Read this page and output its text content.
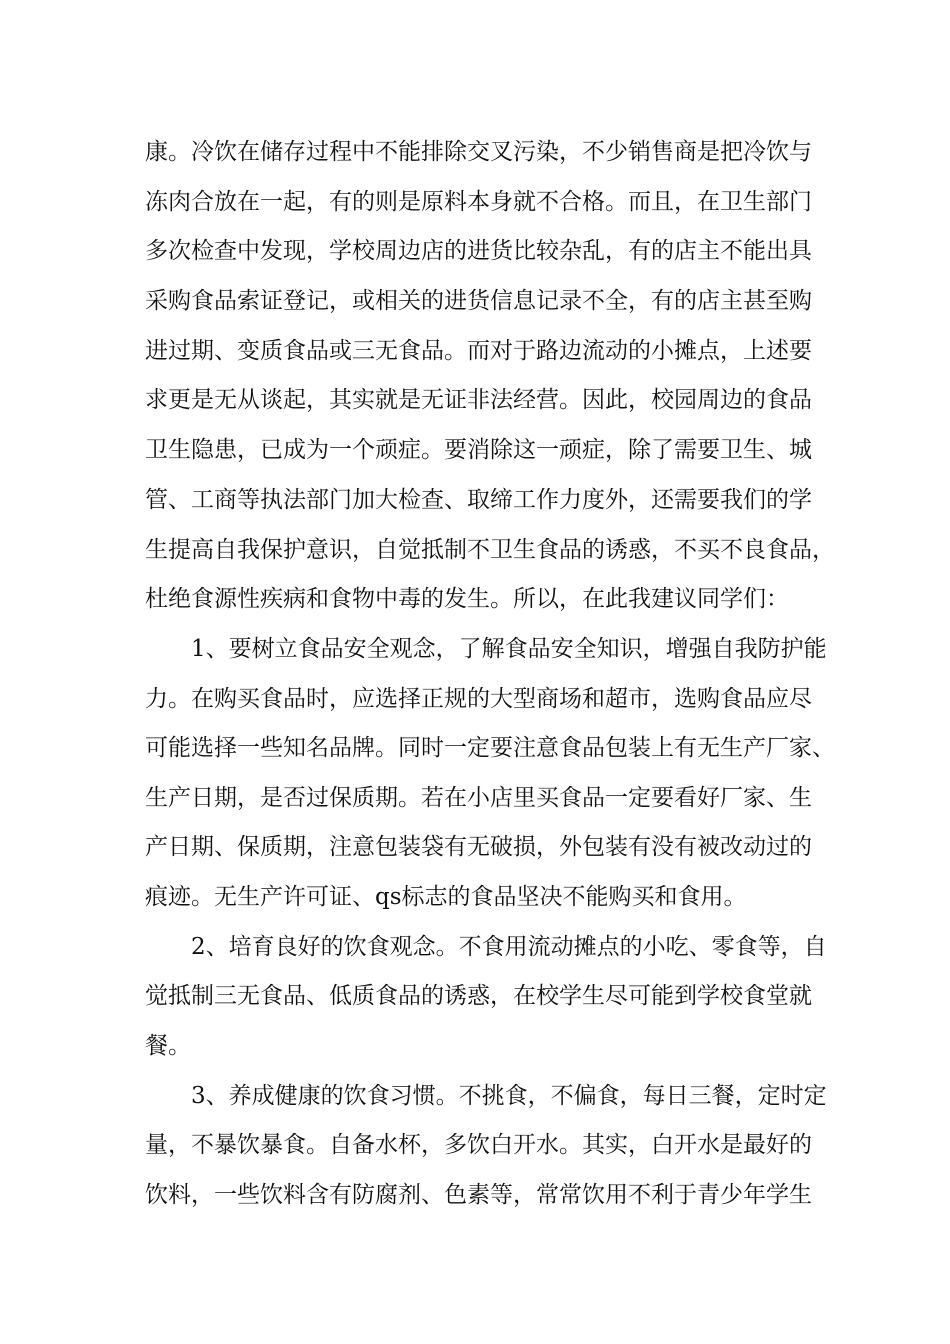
康。冷饮在储存过程中不能排除交叉污染，不少销售商是把冷饮与
冻肉合放在一起，有的则是原料本身就不合格。而且，在卫生部门
多次检查中发现，学校周边店的进货比较杂乱，有的店主不能出具
采购食品索证登记，或相关的进货信息记录不全，有的店主甚至购
进过期、变质食品或三无食品。而对于路边流动的小摊点，上述要
求更是无从谈起，其实就是无证非法经营。因此，校园周边的食品
卫生隐患，已成为一个顽症。要消除这一顽症，除了需要卫生、城
管、工商等执法部门加大检查、取缔工作力度外，还需要我们的学
生提高自我保护意识，自觉抵制不卫生食品的诱惑，不买不良食品，
杜绝食源性疾病和食物中毒的发生。所以，在此我建议同学们：
1、要树立食品安全观念，了解食品安全知识，增强自我防护能
力。在购买食品时，应选择正规的大型商场和超市，选购食品应尽
可能选择一些知名品牌。同时一定要注意食品包装上有无生产厂家、
生产日期，是否过保质期。若在小店里买食品一定要看好厂家、生
产日期、保质期，注意包装袋有无破损，外包装有没有被改动过的
痕迹。无生产许可证、qs标志的食品坚决不能购买和食用。
2、培育良好的饮食观念。不食用流动摊点的小吃、零食等，自
觉抵制三无食品、低质食品的诱惑，在校学生尽可能到学校食堂就
餐。
3、养成健康的饮食习惯。不挑食，不偏食，每日三餐，定时定
量，不暴饮暴食。自备水杯，多饮白开水。其实，白开水是最好的
饮料，一些饮料含有防腐剂、色素等，常常饮用不利于青少年学生
